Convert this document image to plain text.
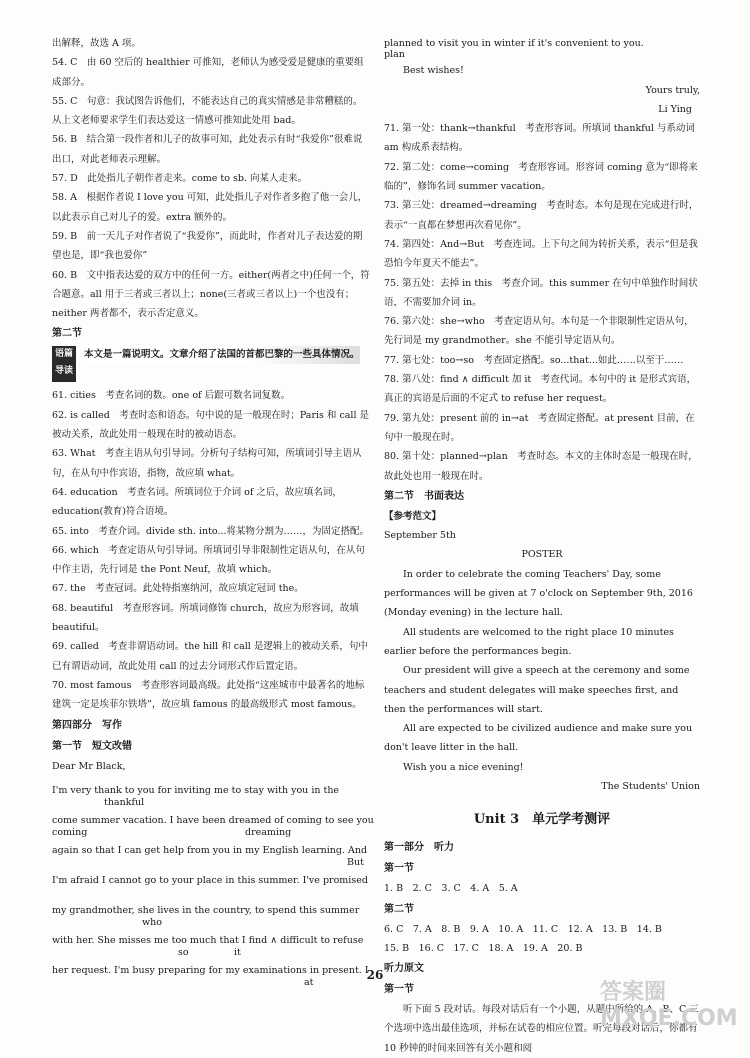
出解释，故选 A 项。

54. C　由 60 空后的 healthier 可推知，老师认为感受爱是健康的重要组成部分。

55. C　句意：我试图告诉他们，不能表达自己的真实情感是非常糟糕的。从上文老师要求学生们表达爱这一情感可推知此处用 bad。

56. B　结合第一段作者和儿子的故事可知，此处表示有时“我爱你”很难说出口，对此老师表示理解。

57. D　此处指儿子朝作者走来。come to sb. 向某人走来。

58. A　根据作者说 I love you 可知，此处指儿子对作者多抱了他一会儿，以此表示自己对儿子的爱。extra 额外的。

59. B　前一天儿子对作者说了“我爱你”，而此时，作者对儿子表达爱的期望也是，即“我也爱你”

60. B　文中指表达爱的双方中的任何一方。either(两者之中)任何一个，符合题意。all 用于三者或三者以上；none(三者或三者以上)一个也没有；neither 两者都不，表示否定意义。

第二节

语篇导读
本文是一篇说明文。文章介绍了法国的首都巴黎的一些具体情况。

61. cities　考查名词的数。one of 后跟可数名词复数。

62. is called　考查时态和语态。句中说的是一般现在时；Paris 和 call 是被动关系，故此处用一般现在时的被动语态。

63. What　考查主语从句引导词。分析句子结构可知，所填词引导主语从句，在从句中作宾语，指物，故应填 what。

64. education　考查名词。所填词位于介词 of 之后，故应填名词，education(教育)符合语境。

65. into　考查介词。divide sth. into...将某物分割为……，为固定搭配。

66. which　考查定语从句引导词。所填词引导非限制性定语从句，在从句中作主语，先行词是 the Pont Neuf，故填 which。

67. the　考查冠词。此处特指塞纳河，故应填定冠词 the。

68. beautiful　考查形容词。所填词修饰 church，故应为形容词，故填 beautiful。

69. called　考查非谓语动词。the hill 和 call 是逻辑上的被动关系，句中已有谓语动词，故此处用 call 的过去分词形式作后置定语。

70. most famous　考查形容词最高级。此处指“这座城市中最著名的地标建筑一定是埃菲尔铁塔”，故应填 famous 的最高级形式 most famous。

第四部分　写作

第一节　短文改错

Dear Mr Black,

I'm very thank to you for inviting me to stay with you in the
thankful
come summer vacation. I have been dreamed of coming to see you
coming	dreaming
again so that I can get help from you in my English learning. And
But
I'm afraid I cannot go to your place in this summer. I've promised
my grandmother, she lives in the country, to spend this summer
who
with her. She misses me too much that I find ∧ difficult to refuse
so	it
her request. I'm busy preparing for my examinations in present. I
at

planned to visit you in winter if it's convenient to you.

plan

Best wishes!

Yours truly,

Li Ying

71. 第一处：thank→thankful　考查形容词。所填词 thankful 与系动词 am 构成系表结构。

72. 第二处：come→coming　考查形容词。形容词 coming 意为“即将来临的”，修饰名词 summer vacation。

73. 第三处：dreamed→dreaming　考查时态。本句是现在完成进行时，表示“一直都在梦想再次看见你”。

74. 第四处：And→But　考查连词。上下句之间为转折关系，表示“但是我恐怕今年夏天不能去”。

75. 第五处：去掉 in this　考查介词。this summer 在句中单独作时间状语，不需要加介词 in。

76. 第六处：she→who　考查定语从句。本句是一个非限制性定语从句，先行词是 my grandmother。she 不能引导定语从句。

77. 第七处：too→so　考查固定搭配。so...that...如此……以至于……

78. 第八处：find ∧ difficult 加 it　考查代词。本句中的 it 是形式宾语，真正的宾语是后面的不定式 to refuse her request。

79. 第九处：present 前的 in→at　考查固定搭配。at present 目前，在句中一般现在时。

80. 第十处：planned→plan　考查时态。本文的主体时态是一般现在时，故此处也用一般现在时。

第二节　书面表达

【参考范文】

September 5th

POSTER

In order to celebrate the coming Teachers' Day, some performances will be given at 7 o'clock on September 9th, 2016 (Monday evening) in the lecture hall.

All students are welcomed to the right place 10 minutes earlier before the performances begin.

Our president will give a speech at the ceremony and some teachers and student delegates will make speeches first, and then the performances will start.

All are expected to be civilized audience and make sure you don't leave litter in the hall.

Wish you a nice evening!

The Students' Union

Unit 3　单元学考测评

第一部分　听力

第一节

1. B　2. C　3. C　4. A　5. A

第二节

6. C　7. A　8. B　9. A　10. A　11. C　12. A　13. B　14. B

15. B　16. C　17. C　18. A　19. A　20. B

听力原文

第一节

听下面 5 段对话。每段对话后有一个小题，从题中所给的 A、B、C 三个选项中选出最佳选项，并标在试卷的相应位置。听完每段对话后，你都有 10 秒钟的时间来回答有关小题和阅

26
答案圈 MXQE.COM
